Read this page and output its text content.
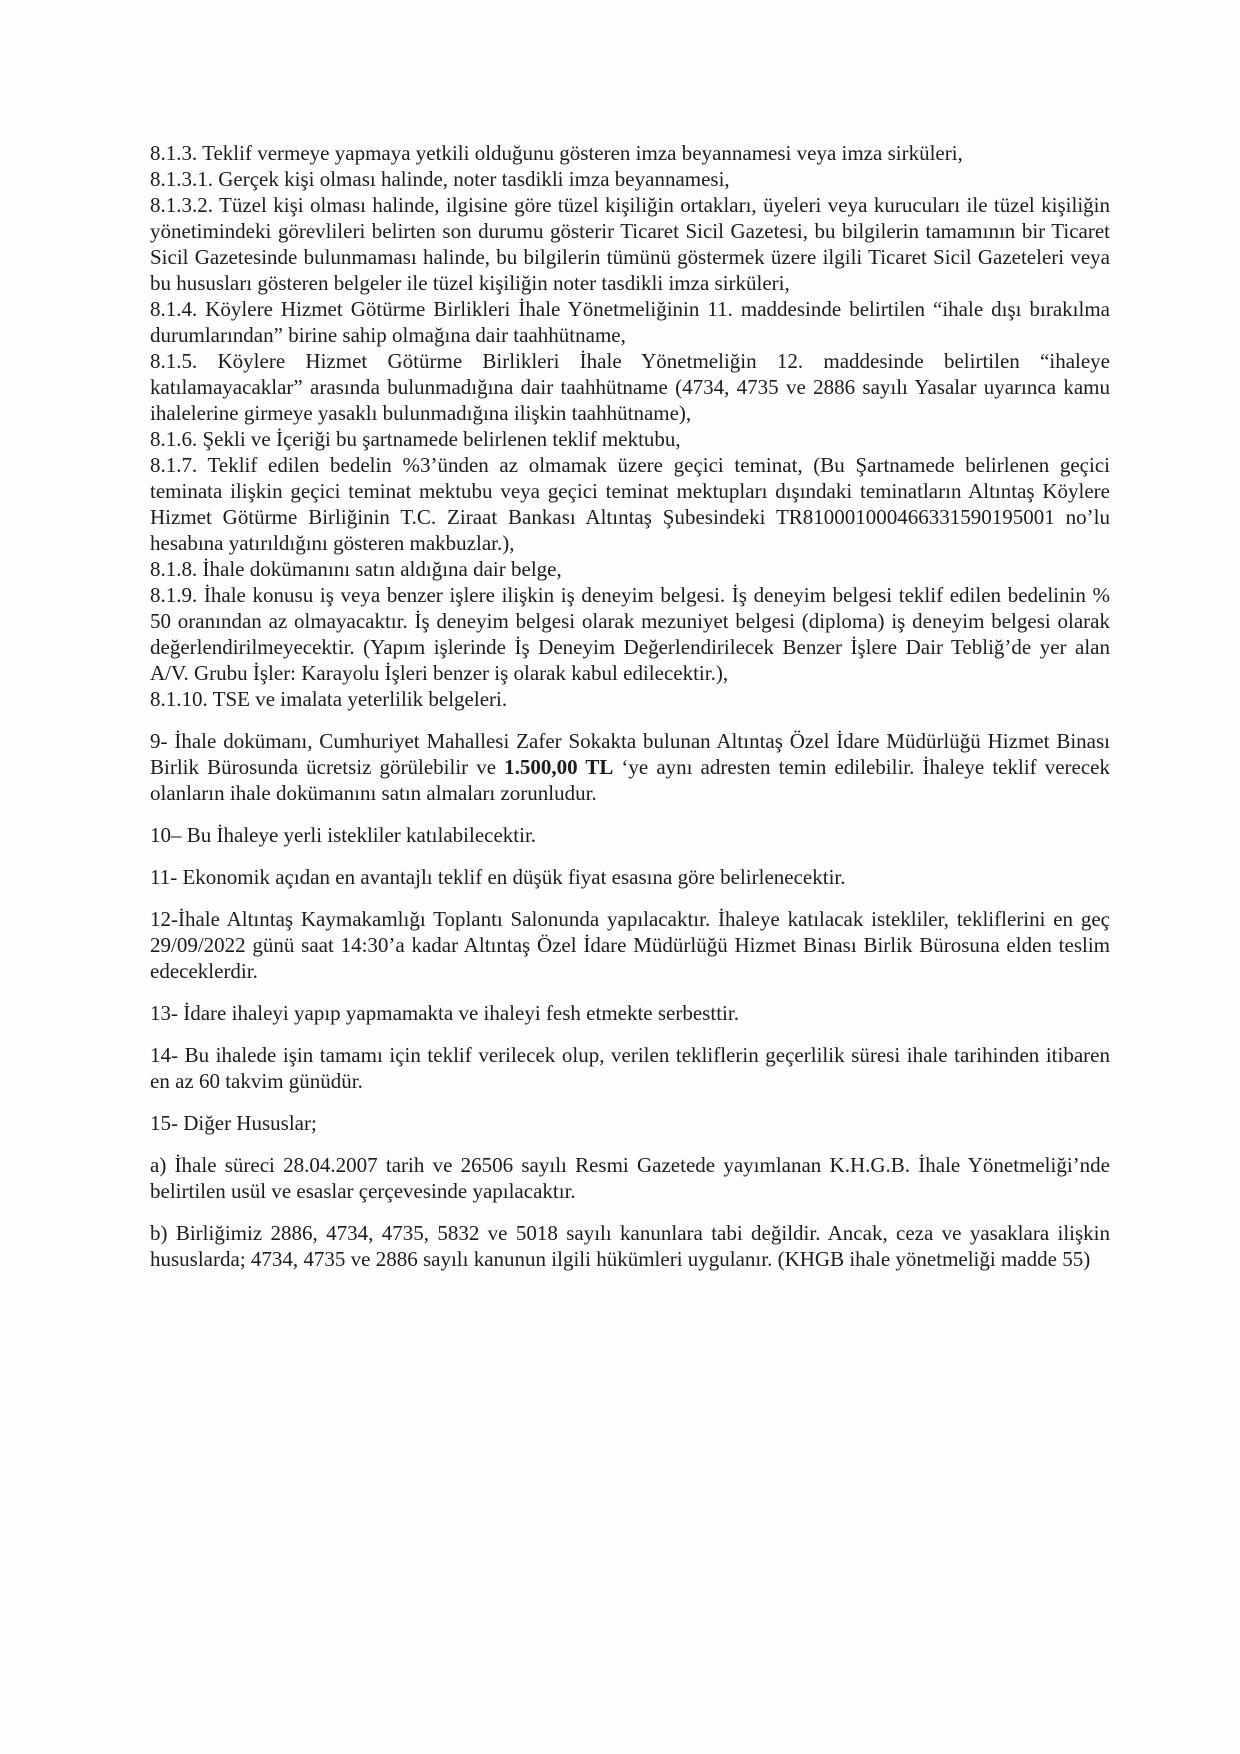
8.1.3. Teklif vermeye yapmaya yetkili olduğunu gösteren imza beyannamesi veya imza sirküleri,

8.1.3.1. Gerçek kişi olması halinde, noter tasdikli imza beyannamesi,

8.1.3.2. Tüzel kişi olması halinde, ilgisine göre tüzel kişiliğin ortakları, üyeleri veya kurucuları ile tüzel kişiliğin yönetimindeki görevlileri belirten son durumu gösterir Ticaret Sicil Gazetesi, bu bilgilerin tamamının bir Ticaret Sicil Gazetesinde bulunmaması halinde, bu bilgilerin tümünü göstermek üzere ilgili Ticaret Sicil Gazeteleri veya bu hususları gösteren belgeler ile tüzel kişiliğin noter tasdikli imza sirküleri,

8.1.4. Köylere Hizmet Götürme Birlikleri İhale Yönetmeliğinin 11. maddesinde belirtilen “ihale dışı bırakılma durumlarından” birine sahip olmağına dair taahhütname,

8.1.5. Köylere Hizmet Götürme Birlikleri İhale Yönetmeliğin 12. maddesinde belirtilen “ihaleye katılamayacaklar” arasında bulunmadığına dair taahhütname (4734, 4735 ve 2886 sayılı Yasalar uyarınca kamu ihalelerine girmeye yasaklı bulunmadığına ilişkin taahhütname),

8.1.6. Şekli ve İçeriği bu şartnamede belirlenen teklif mektubu,

8.1.7. Teklif edilen bedelin %3’ünden az olmamak üzere geçici teminat, (Bu Şartnamede belirlenen geçici teminata ilişkin geçici teminat mektubu veya geçici teminat mektupları dışındaki teminatların Altıntaş Köylere Hizmet Götürme Birliğinin T.C. Ziraat Bankası Altıntaş Şubesindeki TR810001000466331590195001 no’lu hesabına yatırıldığını gösteren makbuzlar.),

8.1.8. İhale dokümanını satın aldığına dair belge,

8.1.9. İhale konusu iş veya benzer işlere ilişkin iş deneyim belgesi. İş deneyim belgesi teklif edilen bedelinin % 50 oranından az olmayacaktır. İş deneyim belgesi olarak mezuniyet belgesi (diploma) iş deneyim belgesi olarak değerlendirilmeyecektir. (Yapım işlerinde İş Deneyim Değerlendirilecek Benzer İşlere Dair Tebliğ’de yer alan A/V. Grubu İşler: Karayolu İşleri benzer iş olarak kabul edilecektir.),

8.1.10. TSE ve imalata yeterlilik belgeleri.

9- İhale dokümanı, Cumhuriyet Mahallesi Zafer Sokakta bulunan Altıntaş Özel İdare Müdürlüğü Hizmet Binası Birlik Bürosunda ücretsiz görülebilir ve 1.500,00 TL ‘ye aynı adresten temin edilebilir. İhaleye teklif verecek olanların ihale dokümanını satın almaları zorunludur.

10– Bu İhaleye yerli istekliler katılabilecektir.

11- Ekonomik açıdan en avantajlı teklif en düşük fiyat esasına göre belirlenecektir.

12-İhale Altıntaş Kaymakamlığı Toplantı Salonunda yapılacaktır. İhaleye katılacak istekliler, tekliflerini en geç 29/09/2022 günü saat 14:30’a kadar Altıntaş Özel İdare Müdürlüğü Hizmet Binası Birlik Bürosuna elden teslim edeceklerdir.

13- İdare ihaleyi yapıp yapmamakta ve ihaleyi fesh etmekte serbesttir.

14- Bu ihalede işin tamamı için teklif verilecek olup, verilen tekliflerin geçerlilik süresi ihale tarihinden itibaren en az 60 takvim günüdür.

15- Diğer Hususlar;

a) İhale süreci 28.04.2007 tarih ve 26506 sayılı Resmi Gazetede yayımlanan K.H.G.B. İhale Yönetmeliği’nde belirtilen usül ve esaslar çerçevesinde yapılacaktır.

b) Birliğimiz 2886, 4734, 4735, 5832 ve 5018 sayılı kanunlara tabi değildir. Ancak, ceza ve yasaklara ilişkin hususlarda; 4734, 4735 ve 2886 sayılı kanunun ilgili hükümleri uygulanır. (KHGB ihale yönetmeliği madde 55)
